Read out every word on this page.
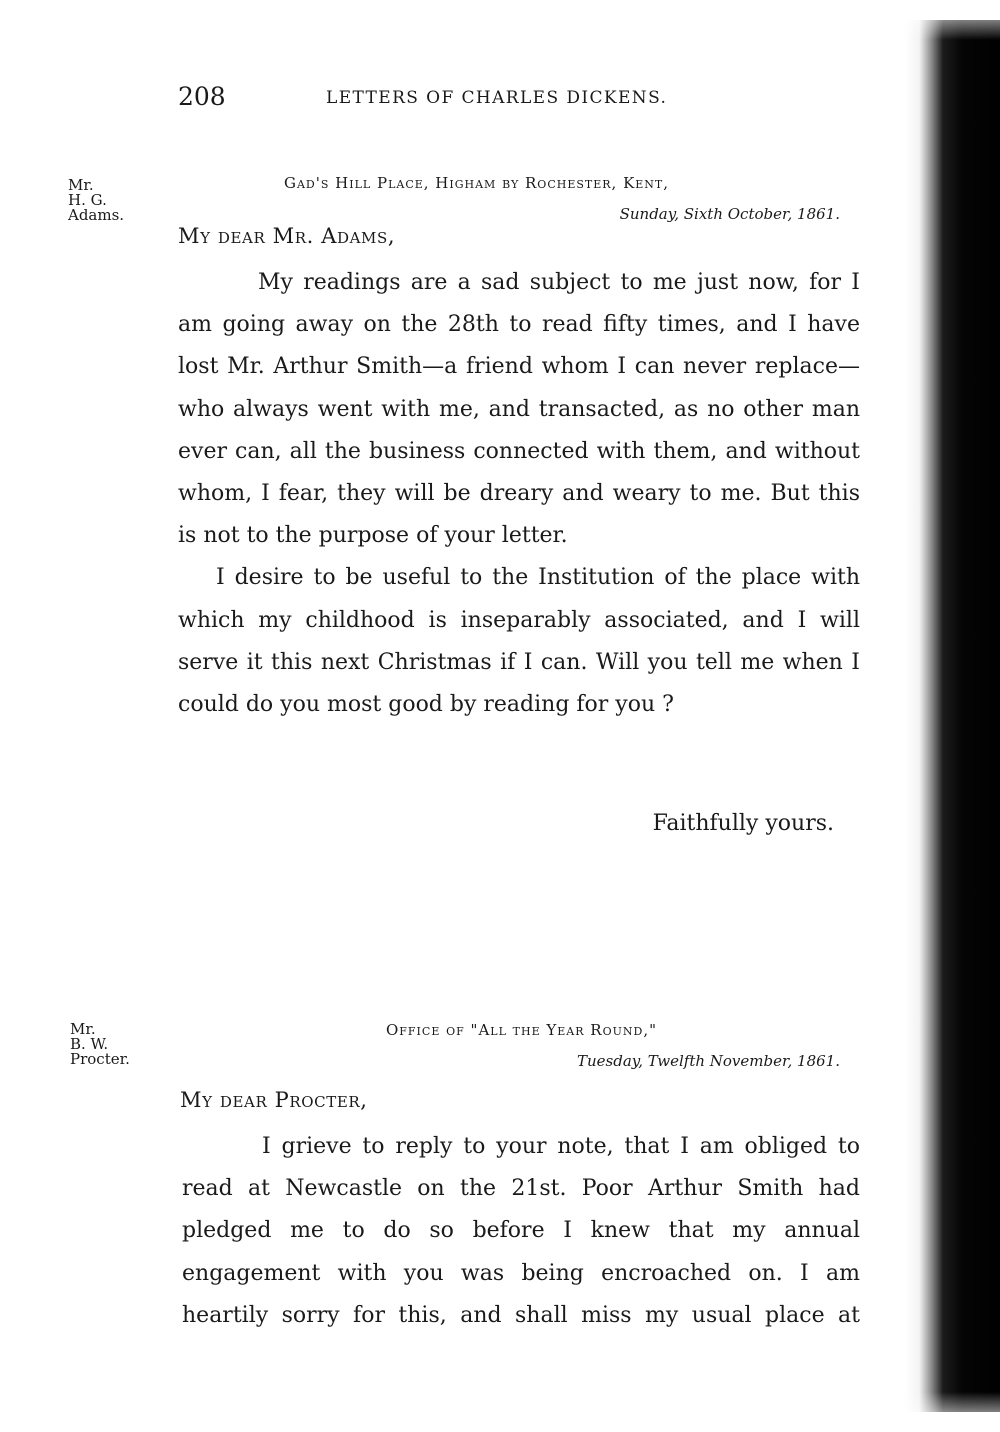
208	LETTERS OF CHARLES DICKENS.
Mr.
H. G.
Adams.
Gad's Hill Place, Higham by Rochester, Kent,
Sunday, Sixth October, 1861.
My dear Mr. Adams,

My readings are a sad subject to me just now, for I am going away on the 28th to read fifty times, and I have lost Mr. Arthur Smith—a friend whom I can never replace—who always went with me, and transacted, as no other man ever can, all the business connected with them, and without whom, I fear, they will be dreary and weary to me. But this is not to the purpose of your letter.

I desire to be useful to the Institution of the place with which my childhood is inseparably associated, and I will serve it this next Christmas if I can. Will you tell me when I could do you most good by reading for you ?

Faithfully yours.
Mr.
B. W.
Procter.
Office of "All the Year Round,"
Tuesday, Twelfth November, 1861.
My dear Procter,

I grieve to reply to your note, that I am obliged to read at Newcastle on the 21st. Poor Arthur Smith had pledged me to do so before I knew that my annual engagement with you was being encroached on. I am heartily sorry for this, and shall miss my usual place at
